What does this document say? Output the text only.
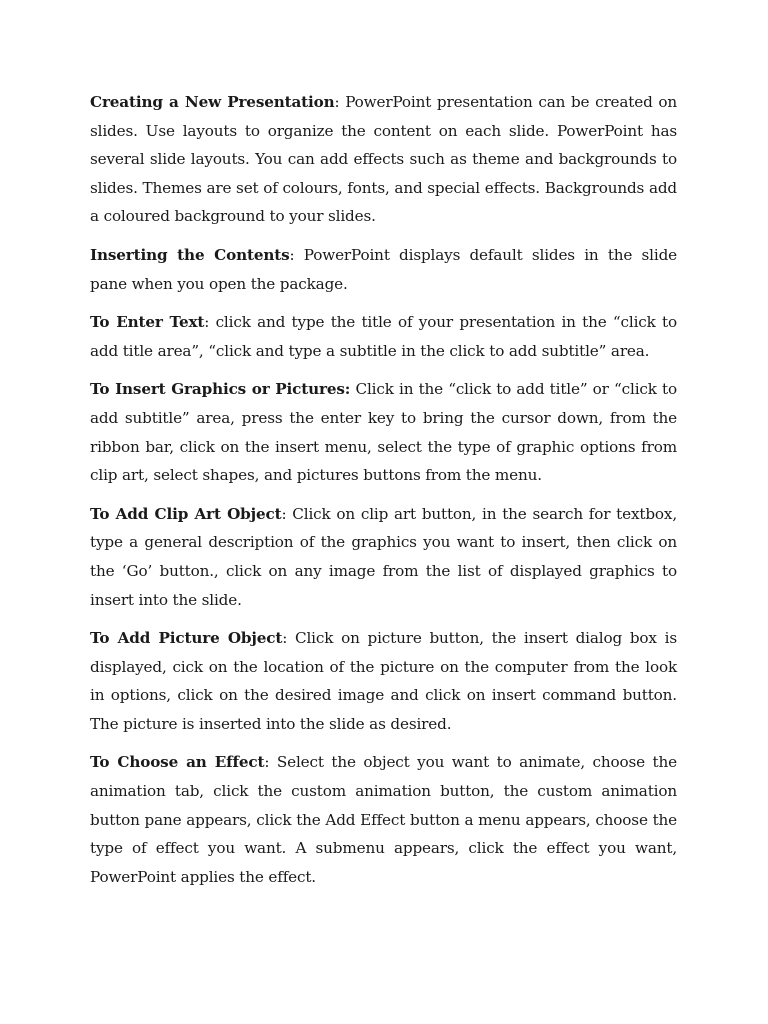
Creating a New Presentation: PowerPoint presentation can be created on slides. Use layouts to organize the content on each slide. PowerPoint has several slide layouts. You can add effects such as theme and backgrounds to slides. Themes are set of colours, fonts, and special effects. Backgrounds add a coloured background to your slides.

Inserting the Contents: PowerPoint displays default slides in the slide pane when you open the package.

To Enter Text: click and type the title of your presentation in the “click to add title area”, “click and type a subtitle in the click to add subtitle” area.

To Insert Graphics or Pictures: Click in the “click to add title” or “click to add subtitle” area, press the enter key to bring the cursor down, from the ribbon bar, click on the insert menu, select the type of graphic options from clip art, select shapes, and pictures buttons from the menu.

To Add Clip Art Object: Click on clip art button, in the search for textbox, type a general description of the graphics you want to insert, then click on the ‘Go’ button., click on any image from the list of displayed graphics to insert into the slide.

To Add Picture Object: Click on picture button, the insert dialog box is displayed, cick on the location of the picture on the computer from the look in options, click on the desired image and click on insert command button. The picture is inserted into the slide as desired.

To Choose an Effect: Select the object you want to animate, choose the animation tab, click the custom animation button, the custom animation button pane appears, click the Add Effect button a menu appears, choose the type of effect you want. A submenu appears, click the effect you want, PowerPoint applies the effect.
